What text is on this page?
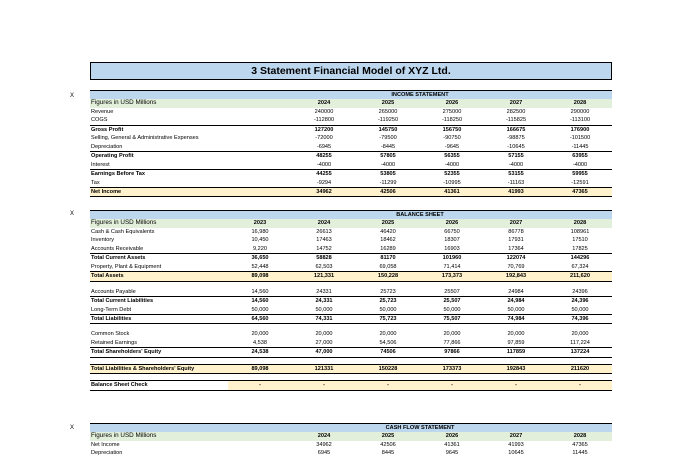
3 Statement Financial Model of XYZ Ltd.
X
X
X
			INCOME STATEMENT			
Figures in USD Millions		2024	2025	2026	2027	2028
Revenue		240000	265000	275000	282500	290000
COGS		-112800	-119250	-118250	-115825	-113100
Gross Profit		127200	145750	156750	166675	176900
Selling, General & Administrative Expenses		-72000	-79500	-90750	-98875	-101500
Depreciation		-6945	-8445	-9645	-10645	-11445
Operating Profit		48255	57805	56355	57155	63955
Interest		-4000	-4000	-4000	-4000	-4000
Earnings Before Tax		44255	53805	52355	53155	59955
Tax		-9294	-11299	-10995	-11163	-12591
Net Income		34962	42506	41361	41993	47365
			BALANCE SHEET			
Figures in USD Millions	2023	2024	2025	2026	2027	2028
Cash & Cash Equivalents	16,980	26613	46420	66750	86778	108961
Inventory	10,450	17463	18462	18307	17931	17510
Accounts Receivable	9,220	14752	16289	16903	17364	17825
Total Current Assets	36,650	58828	81170	101960	122074	144296
Property, Plant & Equipment	52,448	62,503	69,058	71,414	70,769	67,324
Total Assets	89,098	121,331	150,228	173,373	192,843	211,620

Accounts Payable	14,560	24331	25723	25507	24984	24396
Total Current Liabilities	14,560	24,331	25,723	25,507	24,984	24,396
Long-Term Debt	50,000	50,000	50,000	50,000	50,000	50,000
Total Liabilities	64,560	74,331	75,723	75,507	74,984	74,396

Common Stock	20,000	20,000	20,000	20,000	20,000	20,000
Retained Earnings	4,538	27,000	54,506	77,866	97,859	117,224
Total Shareholders' Equity	24,538	47,000	74506	97866	117859	137224

Total Liabilities & Shareholders' Equity	89,098	121331	150228	173373	192843	211620

Balance Sheet Check	-	-	-	-	-	-
			CASH FLOW STATEMENT			
Figures in USD Millions		2024	2025	2026	2027	2028
Net Income		34962	42506	41361	41993	47365
Depreciation		6945	8445	9645	10645	11445
